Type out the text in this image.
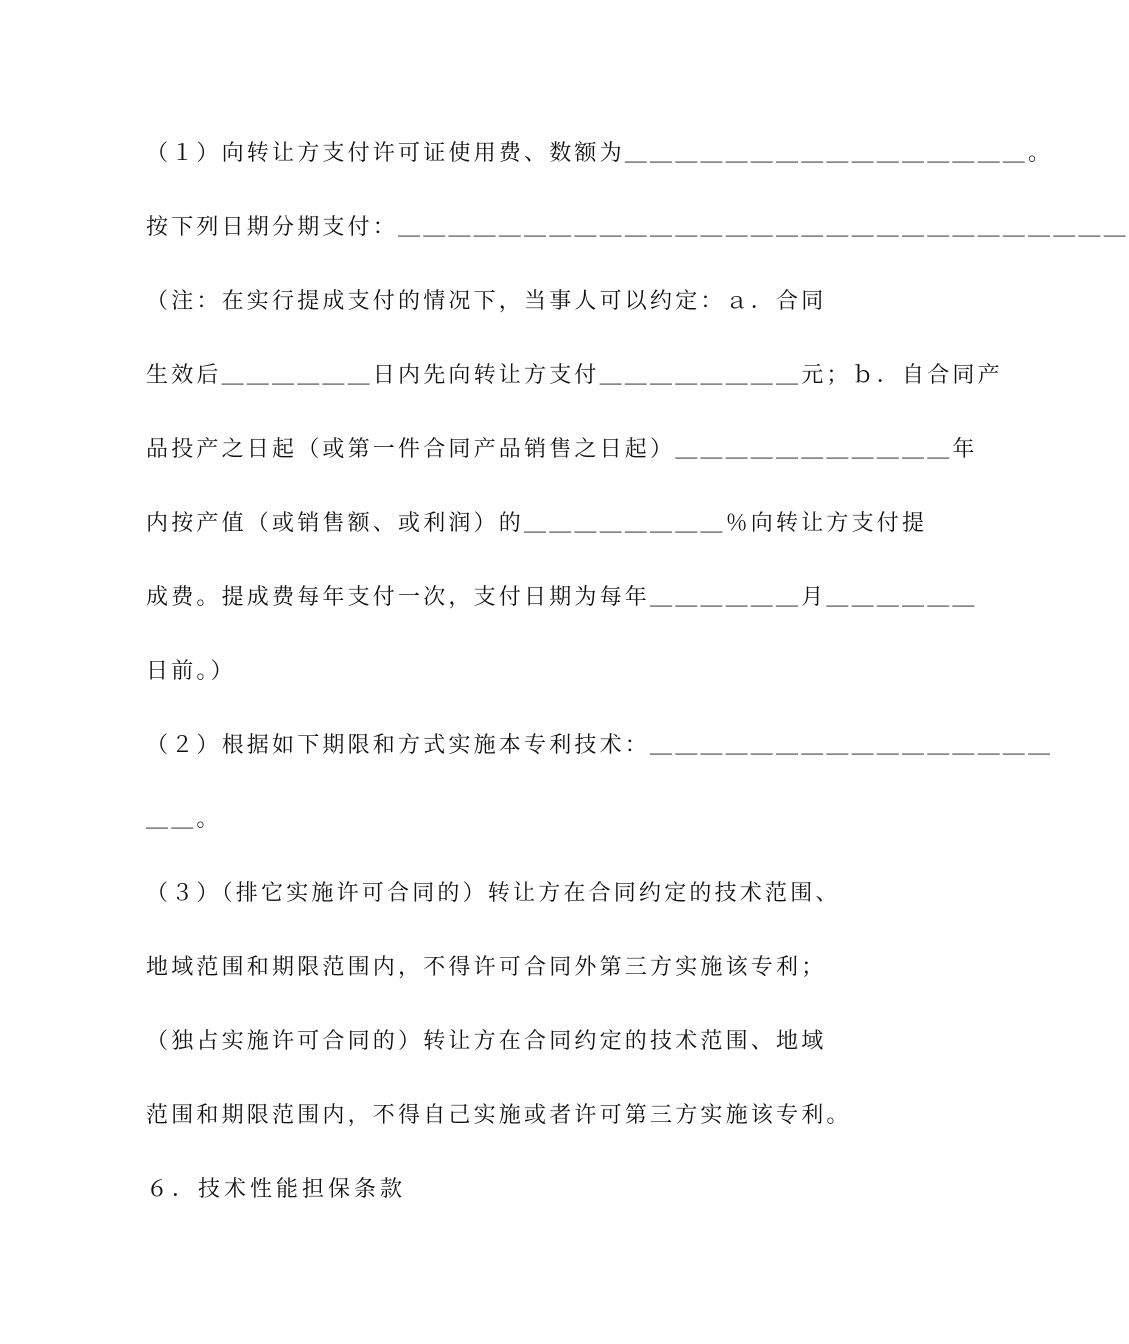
（１）向转让方支付许可证使用费、数额为＿＿＿＿＿＿＿＿＿＿＿＿＿＿＿＿。
按下列日期分期支付：＿＿＿＿＿＿＿＿＿＿＿＿＿＿＿＿＿＿＿＿＿＿＿＿＿＿＿＿＿
（注：在实行提成支付的情况下，当事人可以约定：ａ．合同
生效后＿＿＿＿＿＿日内先向转让方支付＿＿＿＿＿＿＿＿元；ｂ．自合同产
品投产之日起（或第一件合同产品销售之日起）＿＿＿＿＿＿＿＿＿＿＿年
内按产值（或销售额、或利润）的＿＿＿＿＿＿＿＿％向转让方支付提
成费。提成费每年支付一次，支付日期为每年＿＿＿＿＿＿月＿＿＿＿＿＿
日前。）
（２）根据如下期限和方式实施本专利技术：＿＿＿＿＿＿＿＿＿＿＿＿＿＿＿＿
＿＿。
（３）（排它实施许可合同的）转让方在合同约定的技术范围、
地域范围和期限范围内，不得许可合同外第三方实施该专利；
（独占实施许可合同的）转让方在合同约定的技术范围、地域
范围和期限范围内，不得自己实施或者许可第三方实施该专利。
６．技术性能担保条款
